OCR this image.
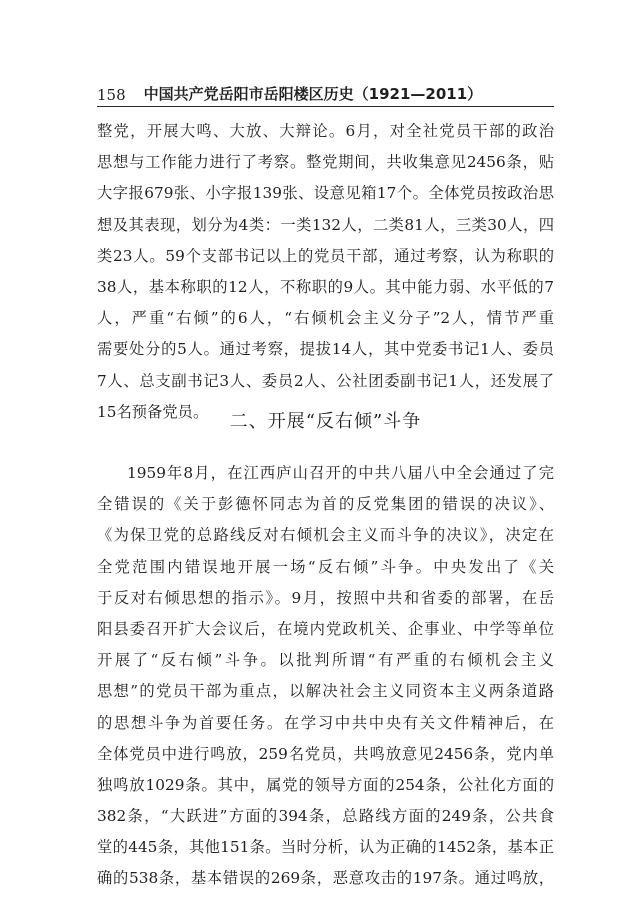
158 中国共产党岳阳市岳阳楼区历史（1921—2011）
整党，开展大鸣、大放、大辩论。6月，对全社党员干部的政治
思想与工作能力进行了考察。整党期间，共收集意见2456条，贴
大字报679张、小字报139张、设意见箱17个。全体党员按政治思
想及其表现，划分为4类：一类132人，二类81人，三类30人，四
类23人。59个支部书记以上的党员干部，通过考察，认为称职的
38人，基本称职的12人，不称职的9人。其中能力弱、水平低的7
人，严重“右倾”的6人，“右倾机会主义分子”2人，情节严重
需要处分的5人。通过考察，提拔14人，其中党委书记1人、委员
7人、总支副书记3人、委员2人、公社团委副书记1人，还发展了
15名预备党员。	二、开展“反右倾”斗争
1959年8月，在江西庐山召开的中共八届八中全会通过了完
全错误的《关于彭德怀同志为首的反党集团的错误的决议》、
《为保卫党的总路线反对右倾机会主义而斗争的决议》，决定在
全党范围内错误地开展一场“反右倾”斗争。中央发出了《关
于反对右倾思想的指示》。9月，按照中共和省委的部署，在岳
阳县委召开扩大会议后，在境内党政机关、企事业、中学等单位
开展了“反右倾”斗争。以批判所谓“有严重的右倾机会主义
思想”的党员干部为重点，以解决社会主义同资本主义两条道路
的思想斗争为首要任务。在学习中共中央有关文件精神后，在
全体党员中进行鸣放，259名党员，共鸣放意见2456条，党内单
独鸣放1029条。其中，属党的领导方面的254条，公社化方面的
382条，“大跃进”方面的394条，总路线方面的249条，公共食
堂的445条，其他151条。当时分析，认为正确的1452条，基本正
确的538条，基本错误的269条，恶意攻击的197条。通过鸣放，
